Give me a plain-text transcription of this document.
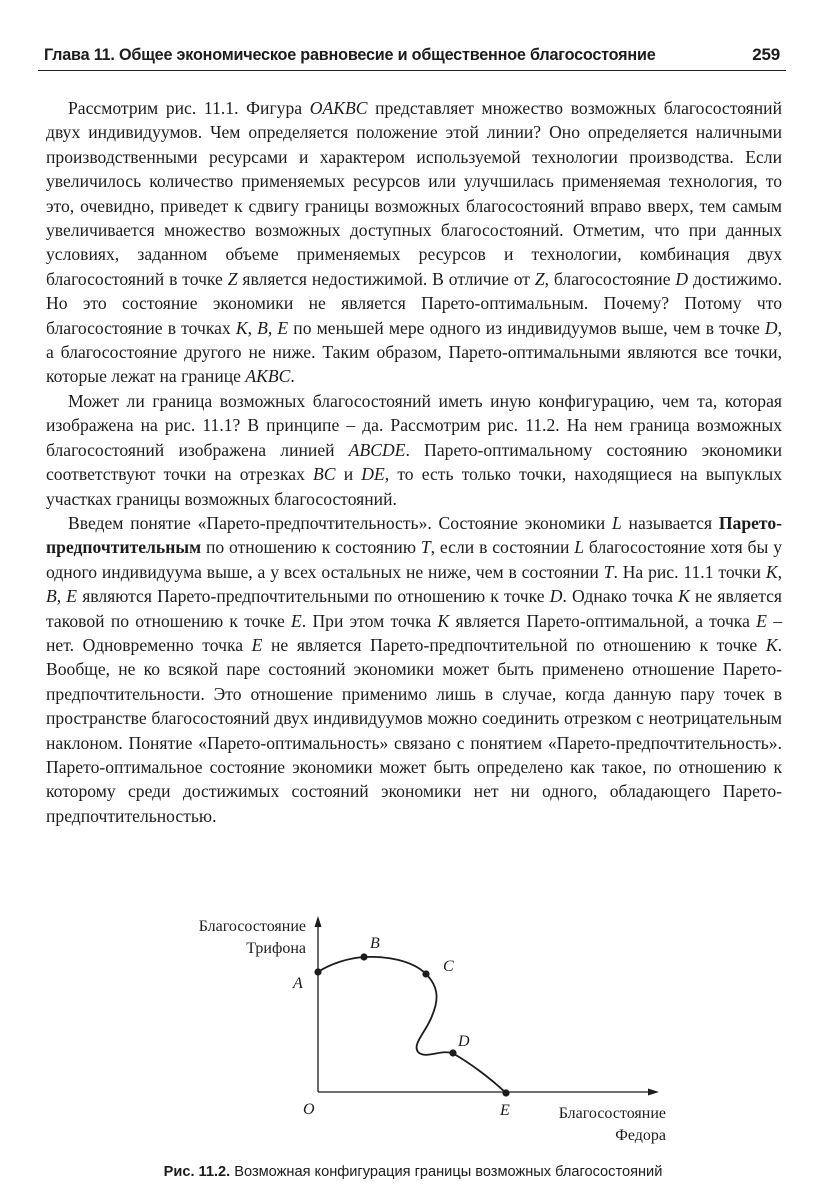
Глава 11. Общее экономическое равновесие и общественное благосостояние	259

Рассмотрим рис. 11.1. Фигура OAKBC представляет множество возможных благосостояний двух индивидуумов. Чем определяется положение этой линии? Оно определяется наличными производственными ресурсами и характером используемой технологии производства. Если увеличилось количество применяемых ресурсов или улучшилась применяемая технология, то это, очевидно, приведет к сдвигу границы возможных благосостояний вправо вверх, тем самым увеличивается множество возможных доступных благосостояний. Отметим, что при данных условиях, заданном объеме применяемых ресурсов и технологии, комбинация двух благосостояний в точке Z является недостижимой. В отличие от Z, благосостояние D достижимо. Но это состояние экономики не является Парето-оптимальным. Почему? Потому что благосостояние в точках K, B, E по меньшей мере одного из индивидуумов выше, чем в точке D, а благосостояние другого не ниже. Таким образом, Парето-оптимальными являются все точки, которые лежат на границе AKBC.

Может ли граница возможных благосостояний иметь иную конфигурацию, чем та, которая изображена на рис. 11.1? В принципе – да. Рассмотрим рис. 11.2. На нем граница возможных благосостояний изображена линией ABCDE. Парето-оптимальному состоянию экономики соответствуют точки на отрезках BC и DE, то есть только точки, находящиеся на выпуклых участках границы возможных благосостояний.

Введем понятие «Парето-предпочтительность». Состояние экономики L называется Парето-предпочтительным по отношению к состоянию T, если в состоянии L благосостояние хотя бы у одного индивидуума выше, а у всех остальных не ниже, чем в состоянии T. На рис. 11.1 точки K, B, E являются Парето-предпочтительными по отношению к точке D. Однако точка K не является таковой по отношению к точке E. При этом точка K является Парето-оптимальной, а точка E – нет. Одновременно точка E не является Парето-предпочтительной по отношению к точке K. Вообще, не ко всякой паре состояний экономики может быть применено отношение Парето-предпочтительности. Это отношение применимо лишь в случае, когда данную пару точек в пространстве благосостояний двух индивидуумов можно соединить отрезком с неотрицательным наклоном. Понятие «Парето-оптимальность» связано с понятием «Парето-предпочтительность». Парето-оптимальное состояние экономики может быть определено как такое, по отношению к которому среди достижимых состояний экономики нет ни одного, обладающего Парето-предпочтительностью.

A
B
C
D
E
O
Благосостояние
Трифона
Благосостояние
Федора
Рис. 11.2. Возможная конфигурация границы возможных благосостояний
